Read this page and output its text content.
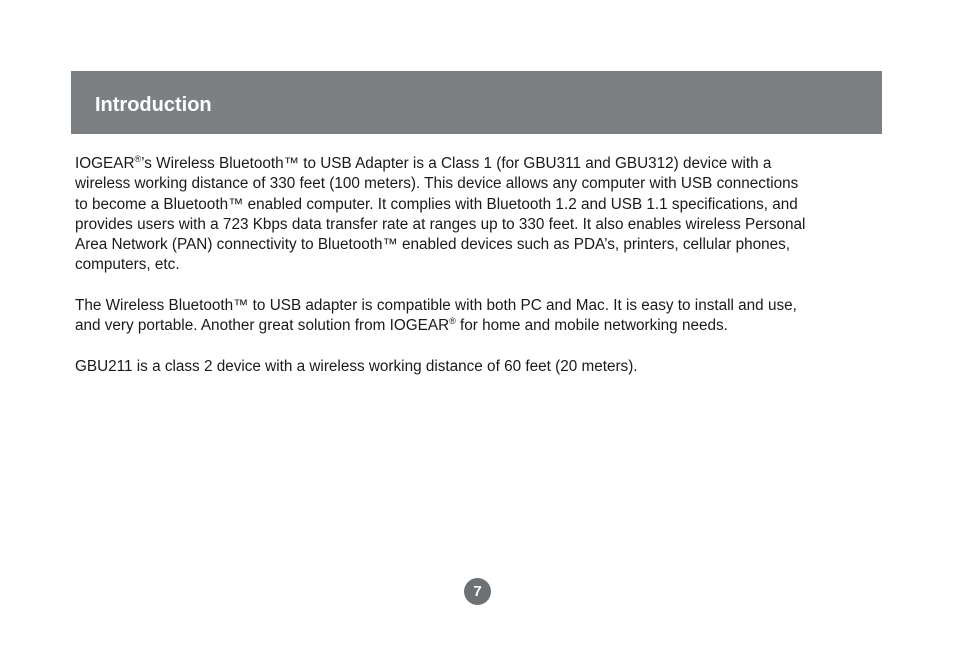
Introduction

IOGEAR®’s Wireless Bluetooth™ to USB Adapter is a Class 1 (for GBU311 and GBU312) device with a
wireless working distance of 330 feet (100 meters). This device allows any computer with USB connections
to become a Bluetooth™ enabled computer. It complies with Bluetooth 1.2 and USB 1.1 specifications, and
provides users with a 723 Kbps data transfer rate at ranges up to 330 feet. It also enables wireless Personal
Area Network (PAN) connectivity to Bluetooth™ enabled devices such as PDA’s, printers, cellular phones,
computers, etc.

The Wireless Bluetooth™ to USB adapter is compatible with both PC and Mac. It is easy to install and use,
and very portable. Another great solution from IOGEAR® for home and mobile networking needs.

GBU211 is a class 2 device with a wireless working distance of 60 feet (20 meters).

7
